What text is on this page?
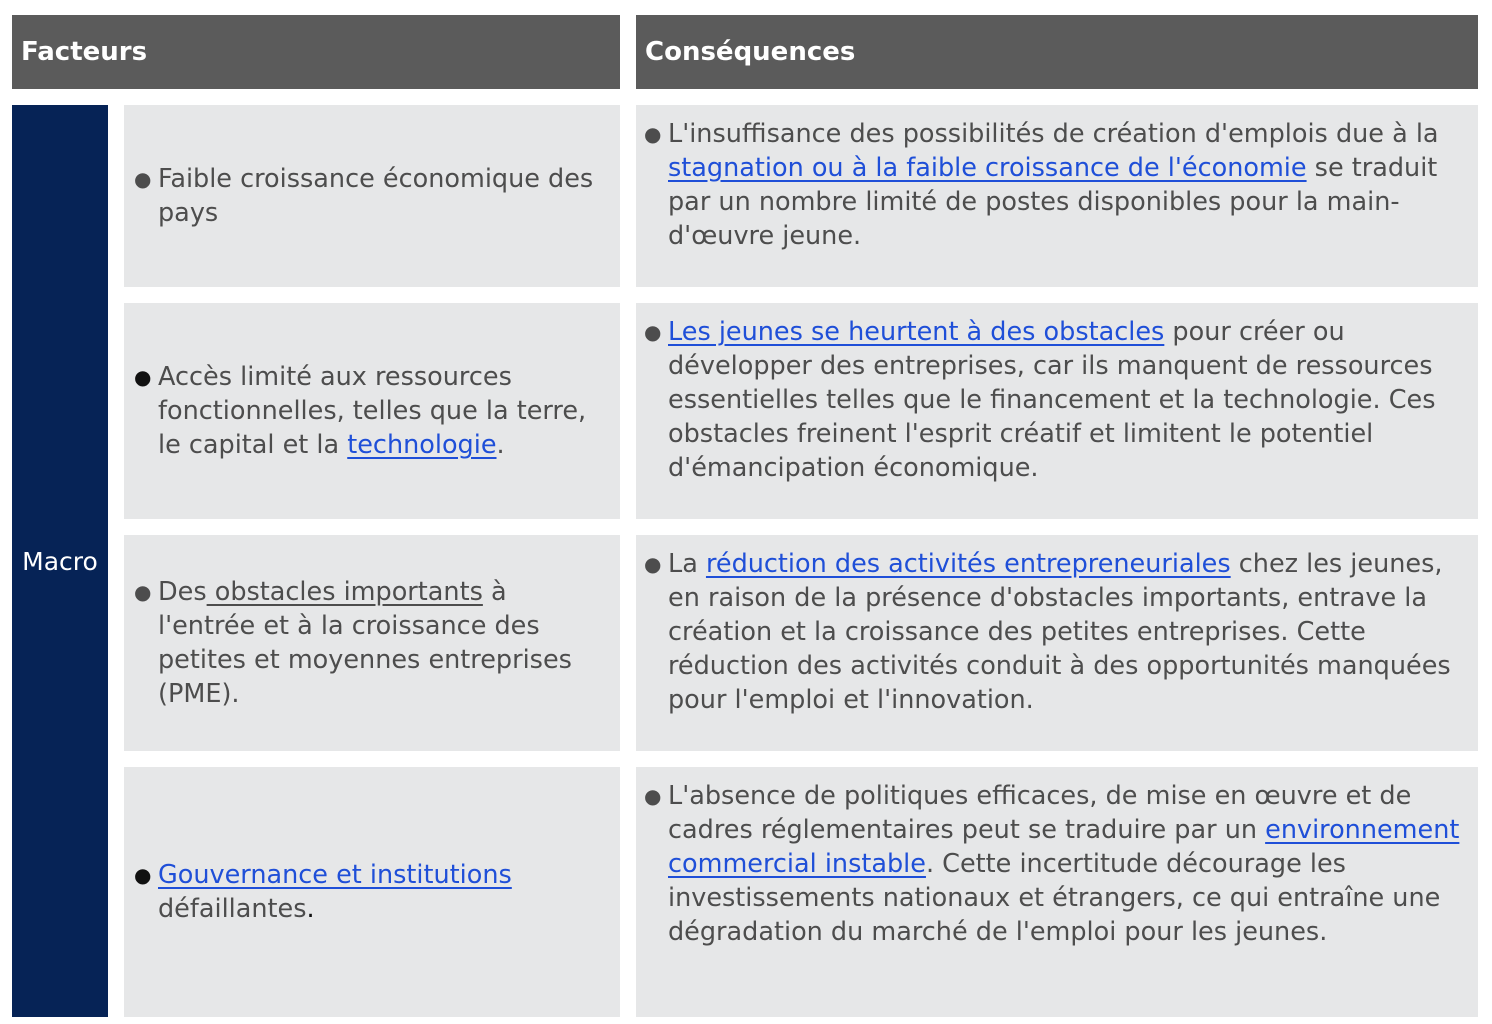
Facteurs	Conséquences
Macro
● Faible croissance économique des pays
● L'insuffisance des possibilités de création d'emplois due à la stagnation ou à la faible croissance de l'économie se traduit par un nombre limité de postes disponibles pour la main-d'œuvre jeune.
● Accès limité aux ressources fonctionnelles, telles que la terre, le capital et la technologie.
● Les jeunes se heurtent à des obstacles pour créer ou développer des entreprises, car ils manquent de ressources essentielles telles que le financement et la technologie. Ces obstacles freinent l'esprit créatif et limitent le potentiel d'émancipation économique.
● Des obstacles importants à l'entrée et à la croissance des petites et moyennes entreprises (PME).
● La réduction des activités entrepreneuriales chez les jeunes, en raison de la présence d'obstacles importants, entrave la création et la croissance des petites entreprises. Cette réduction des activités conduit à des opportunités manquées pour l'emploi et l'innovation.
● Gouvernance et institutions défaillantes.
● L'absence de politiques efficaces, de mise en œuvre et de cadres réglementaires peut se traduire par un environnement commercial instable. Cette incertitude décourage les investissements nationaux et étrangers, ce qui entraîne une dégradation du marché de l'emploi pour les jeunes.
